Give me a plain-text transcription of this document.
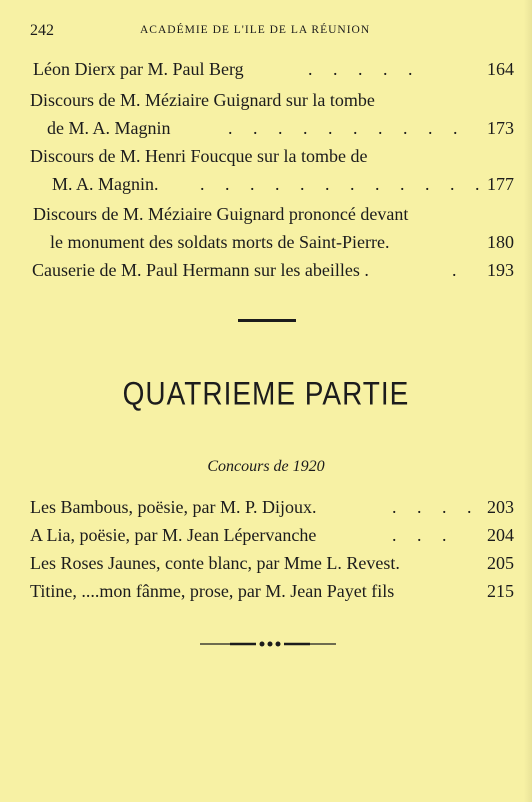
242	ACADÉMIE DE L'ILE DE LA RÉUNION
Léon Dierx par M. Paul Berg	. . . . .	164
Discours de M. Méziaire Guignard sur la tombe
de M. A. Magnin	. . . . . . . . . . 173
Discours de M. Henri Foucque sur la tombe de
M. A. Magnin. . . . . . . . . . . . . 177
Discours de M. Méziaire Guignard prononcé devant
le monument des soldats morts de Saint-Pierre.	180
Causerie de M. Paul Hermann sur les abeilles .	. 193
QUATRIEME PARTIE
Concours de 1920
Les Bambous, poësie, par M. P. Dijoux.	. . . . 203
A Lia, poësie, par M. Jean Lépervanche	. . . 204
Les Roses Jaunes, conte blanc, par Mme L. Revest.	205
Titine, ....mon fânme, prose, par M. Jean Payet fils	215
